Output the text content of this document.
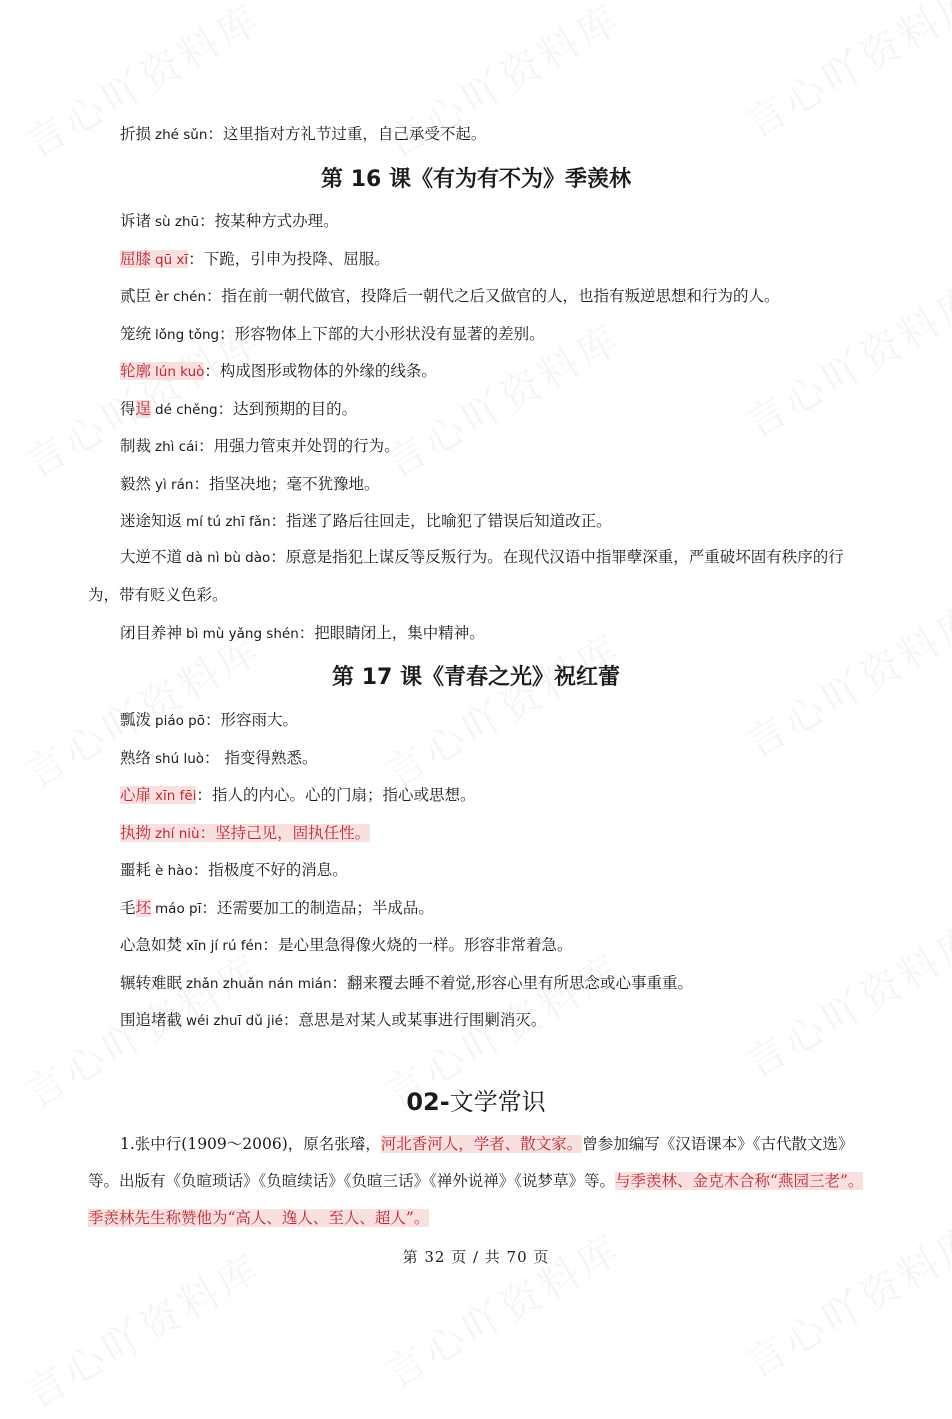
折损 zhé sǔn：这里指对方礼节过重，自己承受不起。
第 16 课《有为有不为》季羡林
诉诸 sù zhū：按某种方式办理。
屈膝 qū xī：下跪，引申为投降、屈服。
贰臣 èr chén：指在前一朝代做官，投降后一朝代之后又做官的人，也指有叛逆思想和行为的人。
笼统 lǒng tǒng：形容物体上下部的大小形状没有显著的差别。
轮廓 lún kuò：构成图形或物体的外缘的线条。
得逞 dé chěng：达到预期的目的。
制裁 zhì cái：用强力管束并处罚的行为。
毅然 yì rán：指坚决地；毫不犹豫地。
迷途知返 mí tú zhī fǎn：指迷了路后往回走，比喻犯了错误后知道改正。
大逆不道 dà nì bù dào：原意是指犯上谋反等反叛行为。在现代汉语中指罪孽深重，严重破坏固有秩序的行为，带有贬义色彩。
闭目养神 bì mù yǎng shén：把眼睛闭上，集中精神。
第 17 课《青春之光》祝红蕾
瓢泼 piáo pō：形容雨大。
熟络 shú luò： 指变得熟悉。
心扉 xīn fēi：指人的内心。心的门扇；指心或思想。
执拗 zhí niù：坚持己见，固执任性。
噩耗 è hào：指极度不好的消息。
毛坯 máo pī：还需要加工的制造品；半成品。
心急如焚 xīn jí rú fén：是心里急得像火烧的一样。形容非常着急。
辗转难眠 zhǎn zhuǎn nán mián：翻来覆去睡不着觉,形容心里有所思念或心事重重。
围追堵截 wéi zhuī dǔ jié：意思是对某人或某事进行围剿消灭。
02-文学常识
1.张中行(1909～2006)，原名张璿，河北香河人，学者、散文家。曾参加编写《汉语课本》《古代散文选》等。出版有《负暄琐话》《负暄续话》《负暄三话》《禅外说禅》《说梦草》等。与季羡林、金克木合称“燕园三老”。季羡林先生称赞他为“高人、逸人、至人、超人”。
第 32 页 / 共 70 页
